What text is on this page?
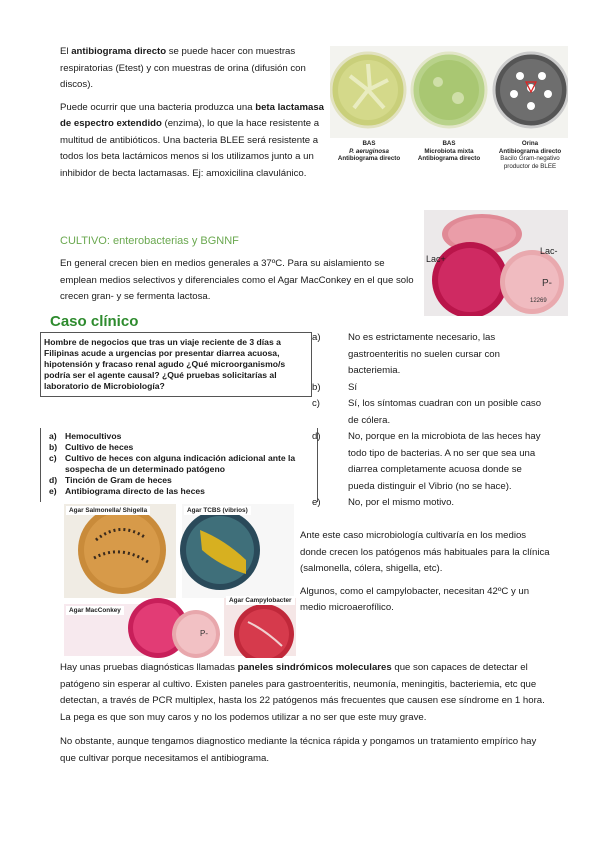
El antibiograma directo se puede hacer con muestras respiratorias (Etest) y con muestras de orina (difusión con discos).

Puede ocurrir que una bacteria produzca una beta lactamasa de espectro extendido (enzima), lo que la hace resistente a multitud de antibióticos. Una bacteria BLEE será resistente a todos los beta lactámicos menos si los utilizamos junto a un inhibidor de becta lactamasas. Ej: amoxicilina clavulánico.

BAS
P. aeruginosa
Antibiograma directo
BAS
Microbiota mixta
Antibiograma directo
Orina
Antibiograma directo
Bacilo Gram-negativo productor de BLEE
CULTIVO: enterobacterias y BGNNF

En general crecen bien en medios generales a 37ºC. Para su aislamiento se emplean medios selectivos y diferenciales como el Agar MacConkey en el que solo crecen gran- y se fermenta lactosa.

P-
12269
Lac+
Lac-
Caso clínico

Hombre de negocios que tras un viaje reciente de 3 días a Filipinas acude a urgencias por presentar diarrea acuosa, hipotensión y fracaso renal agudo ¿Qué microorganismo/s podría ser el agente causal? ¿Qué pruebas solicitarías al laboratorio de Microbiología?

a) Hemocultivos
b) Cultivo de heces
c) Cultivo de heces con alguna indicación adicional ante la sospecha de un determinado patógeno
d) Tinción de Gram de heces
e) Antibiograma directo de las heces
a)	No es estrictamente necesario, las gastroenteritis no suelen cursar con bacteriemia.
b)	Sí
c)	Sí, los síntomas cuadran con un posible caso de cólera.
d)	No, porque en la microbiota de las heces hay todo tipo de bacterias. A no ser que sea una diarrea completamente acuosa donde se pueda distinguir el Vibrio (no se hace).
e)	No, por el mismo motivo.
P-
Agar Salmonella/ Shigella	Agar TCBS (vibrios)
Agar MacConkey
Agar Campylobacter

Ante este caso microbiología cultivaría en los medios donde crecen los patógenos más habituales para la clínica (salmonella, cólera, shigella, etc).

Algunos, como el campylobacter, necesitan 42ºC y un medio microaerofílico.

Hay unas pruebas diagnósticas llamadas paneles sindrómicos moleculares que son capaces de detectar el patógeno sin esperar al cultivo. Existen paneles para gastroenteritis, neumonía, meningitis, bacteriemia, etc que detectan, a través de PCR multiplex, hasta los 22 patógenos más frecuentes que causen ese síndrome en 1 hora. La pega es que son muy caros y no los podemos utilizar a no ser que este muy grave.

No obstante, aunque tengamos diagnostico mediante la técnica rápida y pongamos un tratamiento empírico hay que cultivar porque necesitamos el antibiograma.
